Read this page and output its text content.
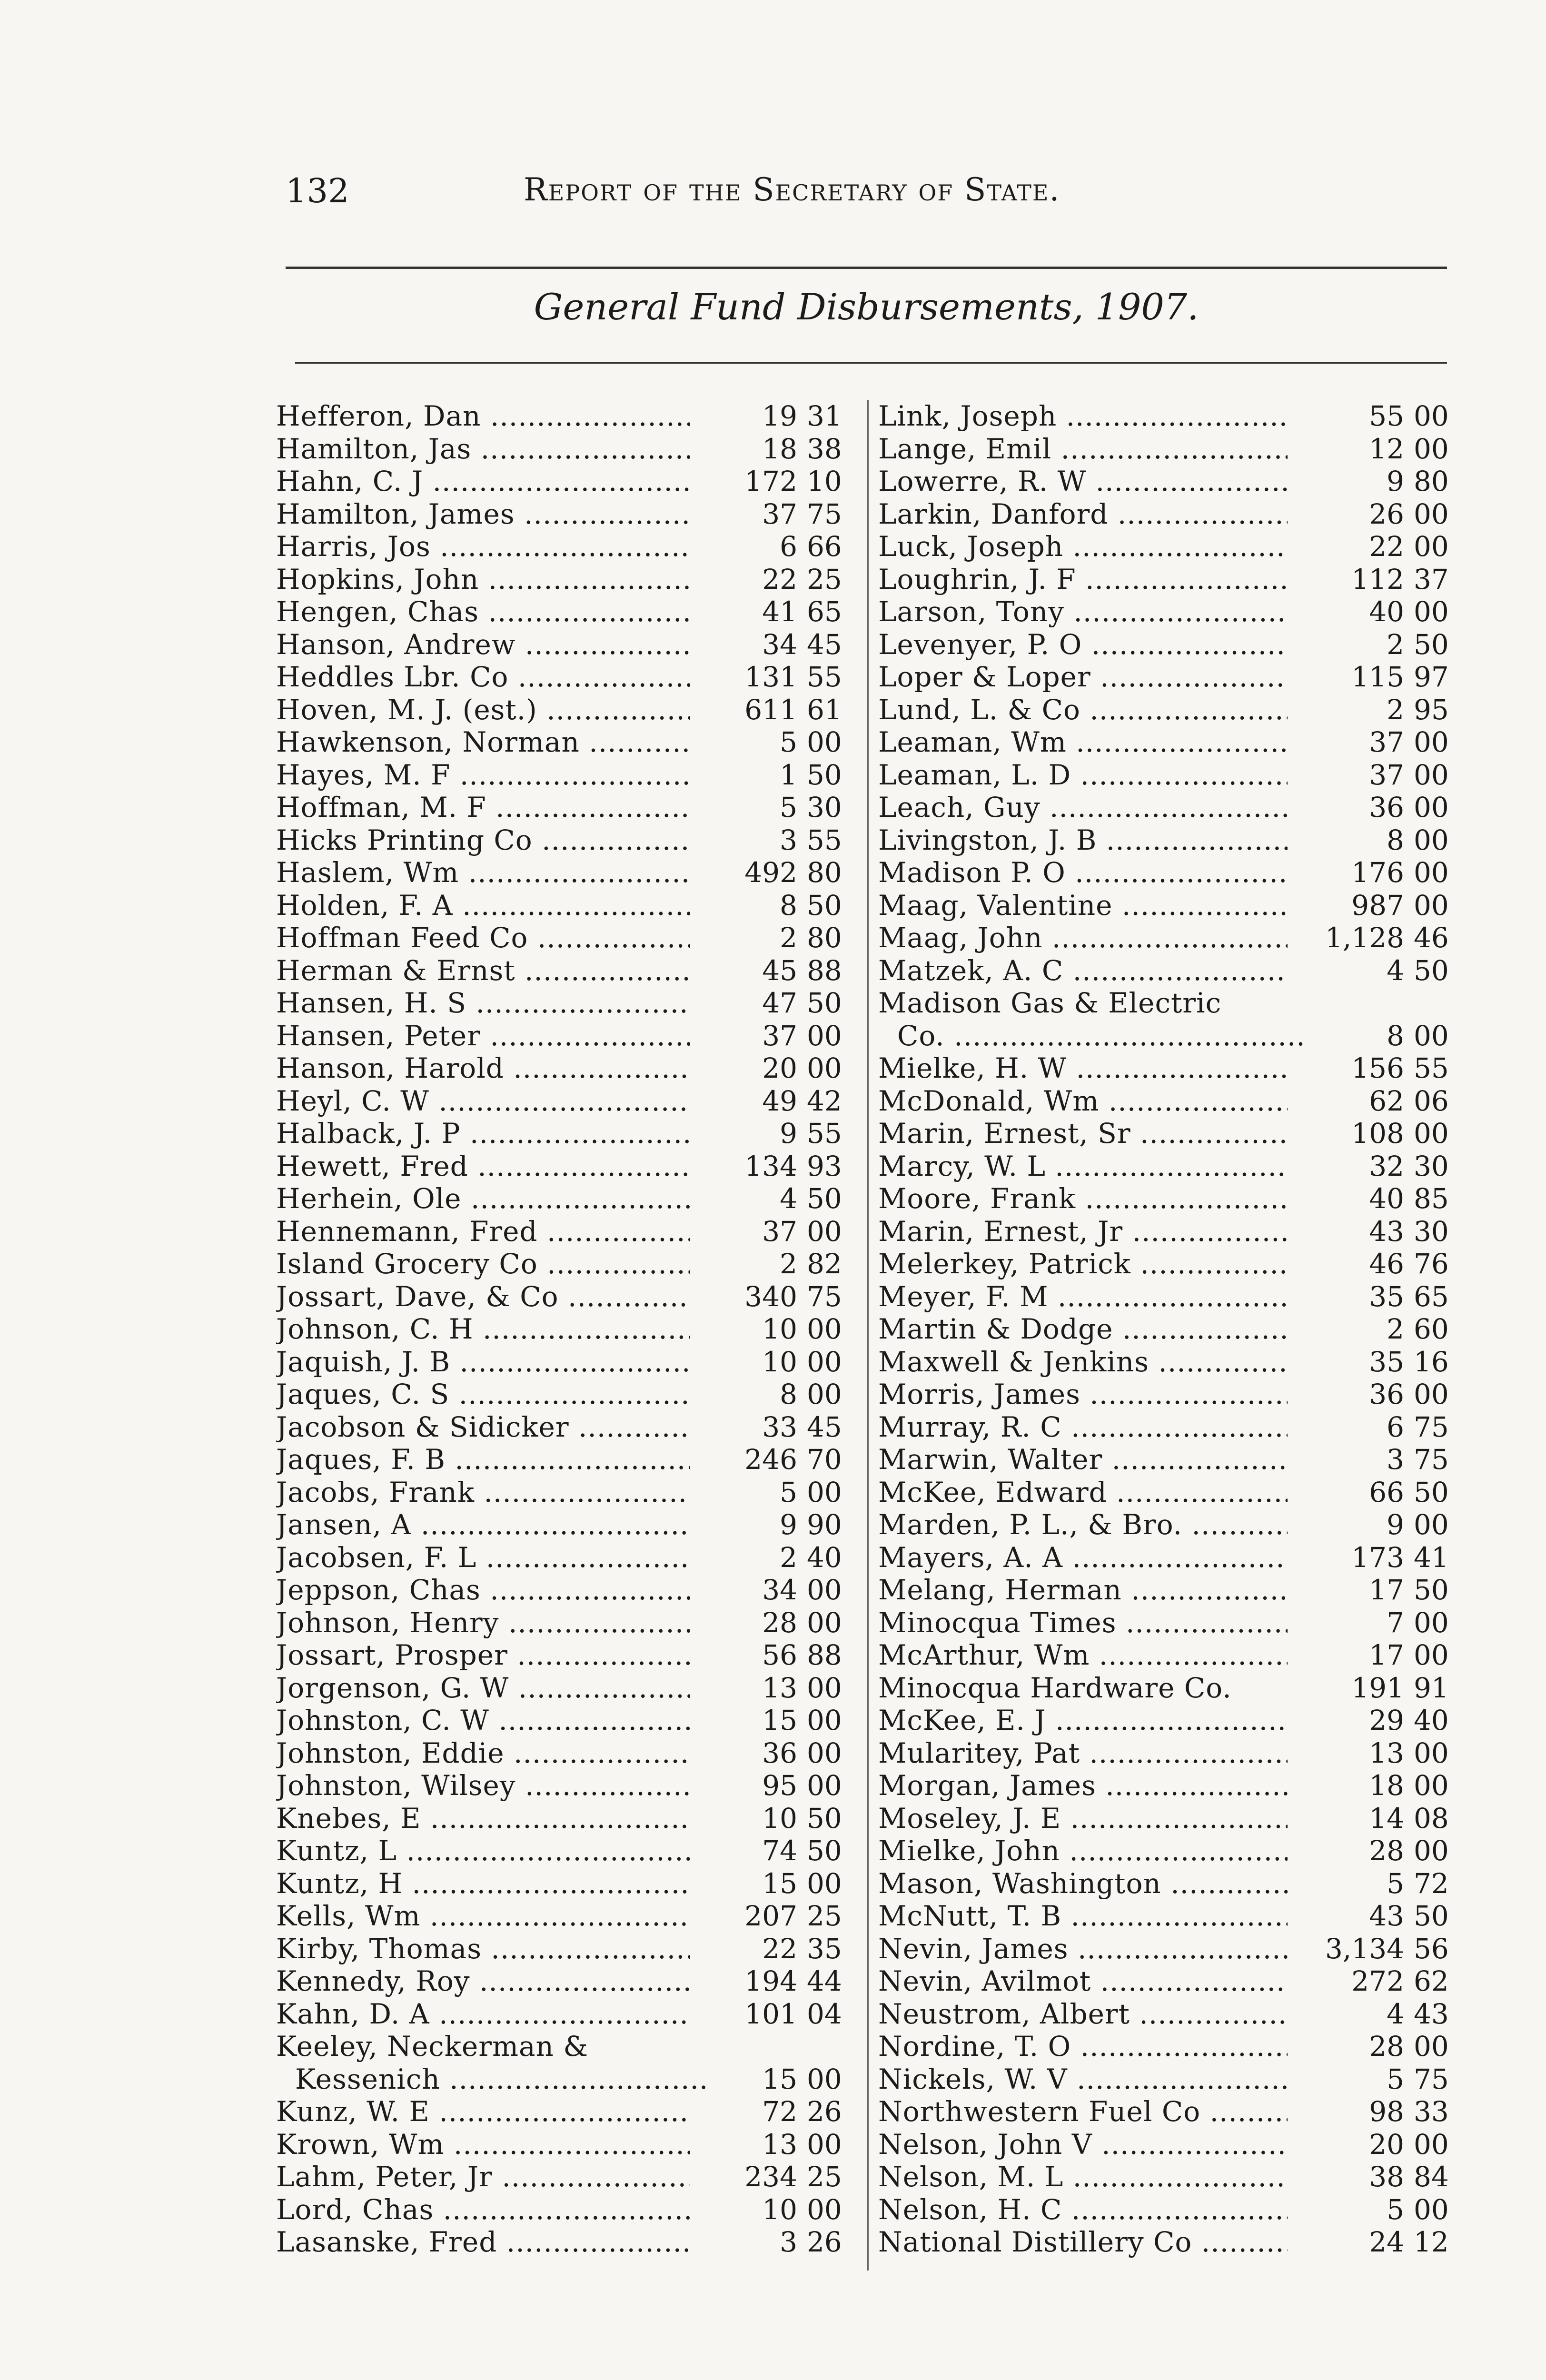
132	Report of the Secretary of State.
General Fund Disbursements, 1907.
Hefferon, Dan .....	19 31
Hamilton, Jas .....	18 38
Hahn, C. J .....	172 10
Hamilton, James .....	37 75
Harris, Jos .....	6 66
Hopkins, John .....	22 25
Hengen, Chas .....	41 65
Hanson, Andrew .....	34 45
Heddles Lbr. Co .....	131 55
Hoven, M. J. (est.) .....	611 61
Hawkenson, Norman .....	5 00
Hayes, M. F .....	1 50
Hoffman, M. F .....	5 30
Hicks Printing Co .....	3 55
Haslem, Wm .....	492 80
Holden, F. A .....	8 50
Hoffman Feed Co .....	2 80
Herman & Ernst .....	45 88
Hansen, H. S .....	47 50
Hansen, Peter .....	37 00
Hanson, Harold .....	20 00
Heyl, C. W .....	49 42
Halback, J. P .....	9 55
Hewett, Fred .....	134 93
Herhein, Ole .....	4 50
Hennemann, Fred .....	37 00
Island Grocery Co .....	2 82
Jossart, Dave, & Co .....	340 75
Johnson, C. H .....	10 00
Jaquish, J. B .....	10 00
Jaques, C. S .....	8 00
Jacobson & Sidicker .....	33 45
Jaques, F. B .....	246 70
Jacobs, Frank .....	5 00
Jansen, A .....	9 90
Jacobsen, F. L .....	2 40
Jeppson, Chas .....	34 00
Johnson, Henry .....	28 00
Jossart, Prosper .....	56 88
Jorgenson, G. W .....	13 00
Johnston, C. W .....	15 00
Johnston, Eddie .....	36 00
Johnston, Wilsey .....	95 00
Knebes, E .....	10 50
Kuntz, L .....	74 50
Kuntz, H .....	15 00
Kells, Wm .....	207 25
Kirby, Thomas .....	22 35
Kennedy, Roy .....	194 44
Kahn, D. A .....	101 04
Keeley, Neckerman &
Kessenich .....	15 00
Kunz, W. E .....	72 26
Krown, Wm .....	13 00
Lahm, Peter, Jr .....	234 25
Lord, Chas .....	10 00
Lasanske, Fred .....	3 26
Link, Joseph .....	55 00
Lange, Emil .....	12 00
Lowerre, R. W .....	9 80
Larkin, Danford .....	26 00
Luck, Joseph .....	22 00
Loughrin, J. F .....	112 37
Larson, Tony .....	40 00
Levenyer, P. O .....	2 50
Loper & Loper .....	115 97
Lund, L. & Co .....	2 95
Leaman, Wm .....	37 00
Leaman, L. D .....	37 00
Leach, Guy .....	36 00
Livingston, J. B .....	8 00
Madison P. O .....	176 00
Maag, Valentine .....	987 00
Maag, John .....	1,128 46
Matzek, A. C .....	4 50
Madison Gas & Electric
Co. .....	8 00
Mielke, H. W .....	156 55
McDonald, Wm .....	62 06
Marin, Ernest, Sr .....	108 00
Marcy, W. L .....	32 30
Moore, Frank .....	40 85
Marin, Ernest, Jr .....	43 30
Melerkey, Patrick .....	46 76
Meyer, F. M .....	35 65
Martin & Dodge .....	2 60
Maxwell & Jenkins .....	35 16
Morris, James .....	36 00
Murray, R. C .....	6 75
Marwin, Walter .....	3 75
McKee, Edward .....	66 50
Marden, P. L., & Bro. .....	9 00
Mayers, A. A .....	173 41
Melang, Herman .....	17 50
Minocqua Times .....	7 00
McArthur, Wm .....	17 00
Minocqua Hardware Co.	191 91
McKee, E. J .....	29 40
Mularitey, Pat .....	13 00
Morgan, James .....	18 00
Moseley, J. E .....	14 08
Mielke, John .....	28 00
Mason, Washington .....	5 72
McNutt, T. B .....	43 50
Nevin, James .....	3,134 56
Nevin, Avilmot .....	272 62
Neustrom, Albert .....	4 43
Nordine, T. O .....	28 00
Nickels, W. V .....	5 75
Northwestern Fuel Co .....	98 33
Nelson, John V .....	20 00
Nelson, M. L .....	38 84
Nelson, H. C .....	5 00
National Distillery Co .....	24 12
